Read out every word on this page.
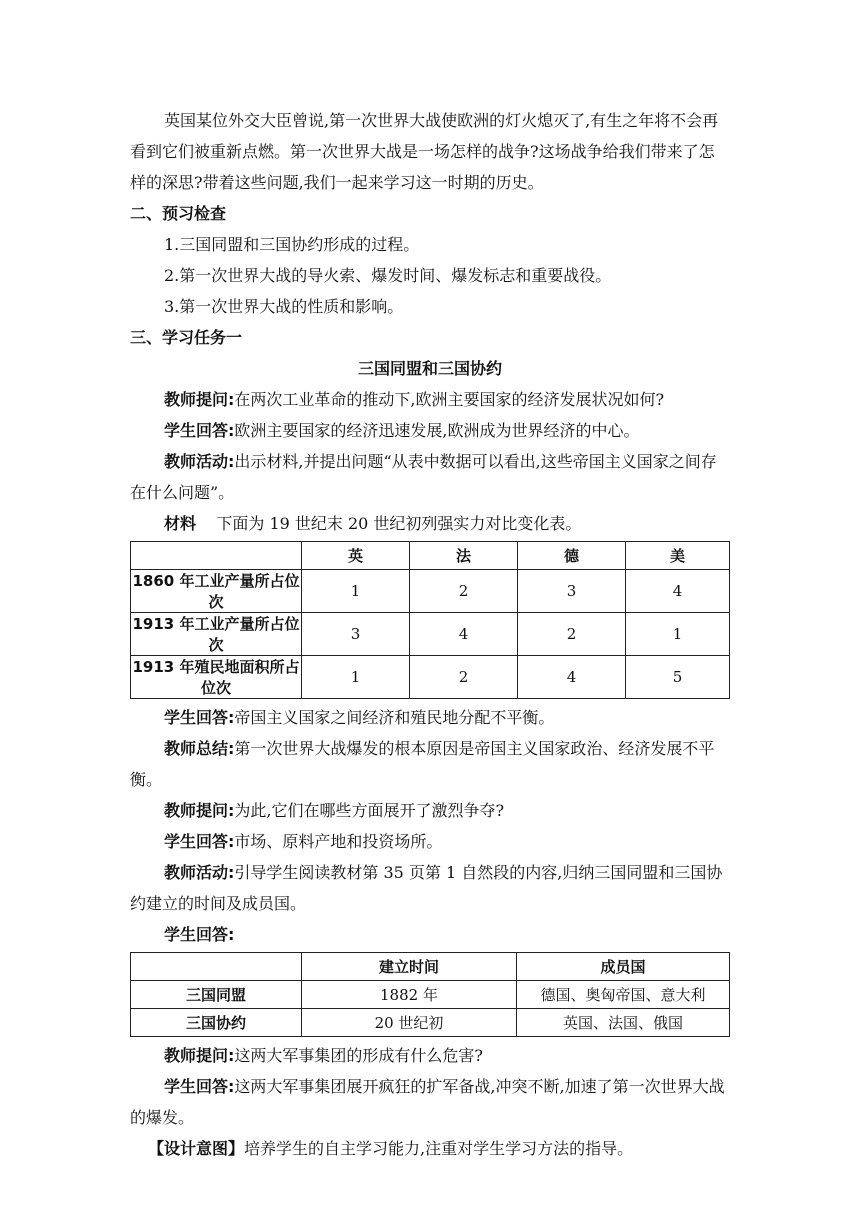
英国某位外交大臣曾说,第一次世界大战使欧洲的灯火熄灭了,有生之年将不会再看到它们被重新点燃。第一次世界大战是一场怎样的战争?这场战争给我们带来了怎样的深思?带着这些问题,我们一起来学习这一时期的历史。

二、预习检查

1.三国同盟和三国协约形成的过程。

2.第一次世界大战的导火索、爆发时间、爆发标志和重要战役。

3.第一次世界大战的性质和影响。

三、学习任务一

三国同盟和三国协约

教师提问:在两次工业革命的推动下,欧洲主要国家的经济发展状况如何?

学生回答:欧洲主要国家的经济迅速发展,欧洲成为世界经济的中心。

教师活动:出示材料,并提出问题“从表中数据可以看出,这些帝国主义国家之间存在什么问题”。

材料 下面为 19 世纪末 20 世纪初列强实力对比变化表。

	英	法	德	美
1860 年工业产量所占位次	1	2	3	4
1913 年工业产量所占位次	3	4	2	1
1913 年殖民地面积所占位次	1	2	4	5

学生回答:帝国主义国家之间经济和殖民地分配不平衡。

教师总结:第一次世界大战爆发的根本原因是帝国主义国家政治、经济发展不平衡。

教师提问:为此,它们在哪些方面展开了激烈争夺?

学生回答:市场、原料产地和投资场所。

教师活动:引导学生阅读教材第 35 页第 1 自然段的内容,归纳三国同盟和三国协约建立的时间及成员国。

学生回答:

	建立时间	成员国
三国同盟	1882 年	德国、奥匈帝国、意大利
三国协约	20 世纪初	英国、法国、俄国

教师提问:这两大军事集团的形成有什么危害?

学生回答:这两大军事集团展开疯狂的扩军备战,冲突不断,加速了第一次世界大战的爆发。

【设计意图】培养学生的自主学习能力,注重对学生学习方法的指导。
